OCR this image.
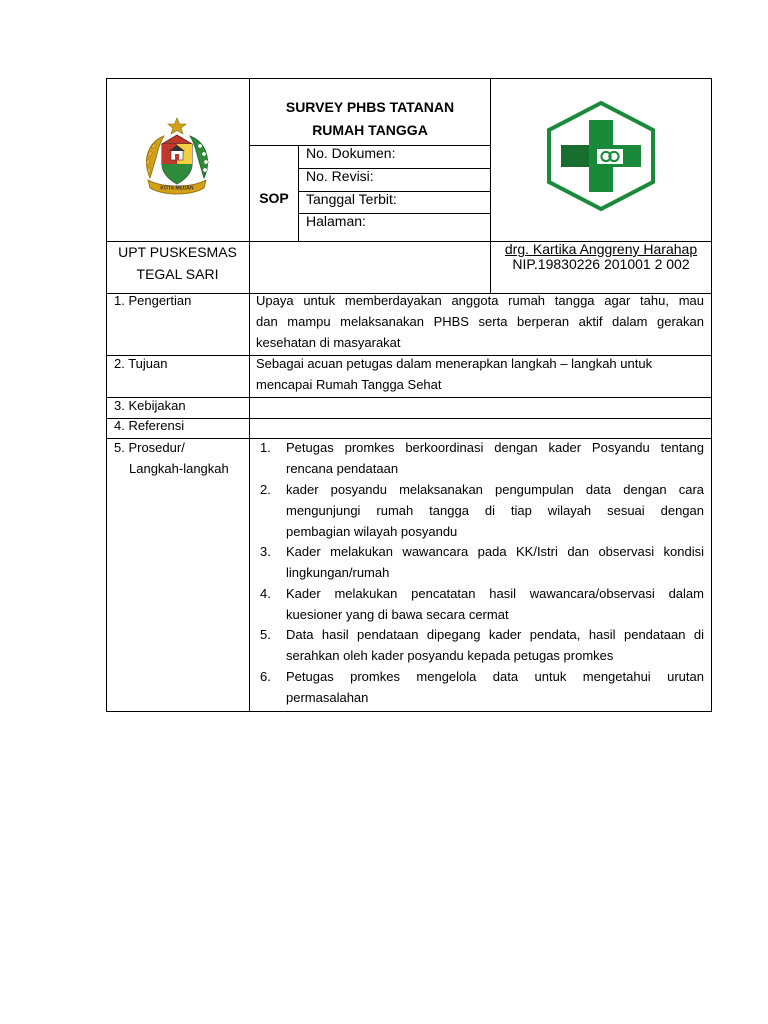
KOTA MEDAN
SURVEY PHBS TATANAN
RUMAH TANGGA
SOP
No. Dokumen:
No. Revisi:
Tanggal Terbit:
Halaman:
UPT PUSKESMAS
TEGAL SARI
drg. Kartika Anggreny Harahap
NIP.19830226 201001 2 002
1. Pengertian
2. Tujuan
3. Kebijakan
4. Referensi
5. Prosedur/
Langkah-langkah
Upaya untuk memberdayakan anggota rumah tangga agar tahu, mau
dan mampu melaksanakan PHBS serta berperan aktif dalam gerakan
kesehatan di masyarakat
Sebagai acuan petugas dalam menerapkan langkah – langkah untuk
mencapai Rumah Tangga Sehat
1. Petugas promkes berkoordinasi dengan kader Posyandu tentang
rencana pendataan
2. kader posyandu melaksanakan pengumpulan data dengan cara
mengunjungi rumah tangga di tiap wilayah sesuai dengan
pembagian wilayah posyandu
3. Kader melakukan wawancara pada KK/Istri dan observasi kondisi
lingkungan/rumah
4. Kader melakukan pencatatan hasil wawancara/observasi dalam
kuesioner yang di bawa secara cermat
5. Data hasil pendataan dipegang kader pendata, hasil pendataan di
serahkan oleh kader posyandu kepada petugas promkes
6. Petugas promkes mengelola data untuk mengetahui urutan
permasalahan
